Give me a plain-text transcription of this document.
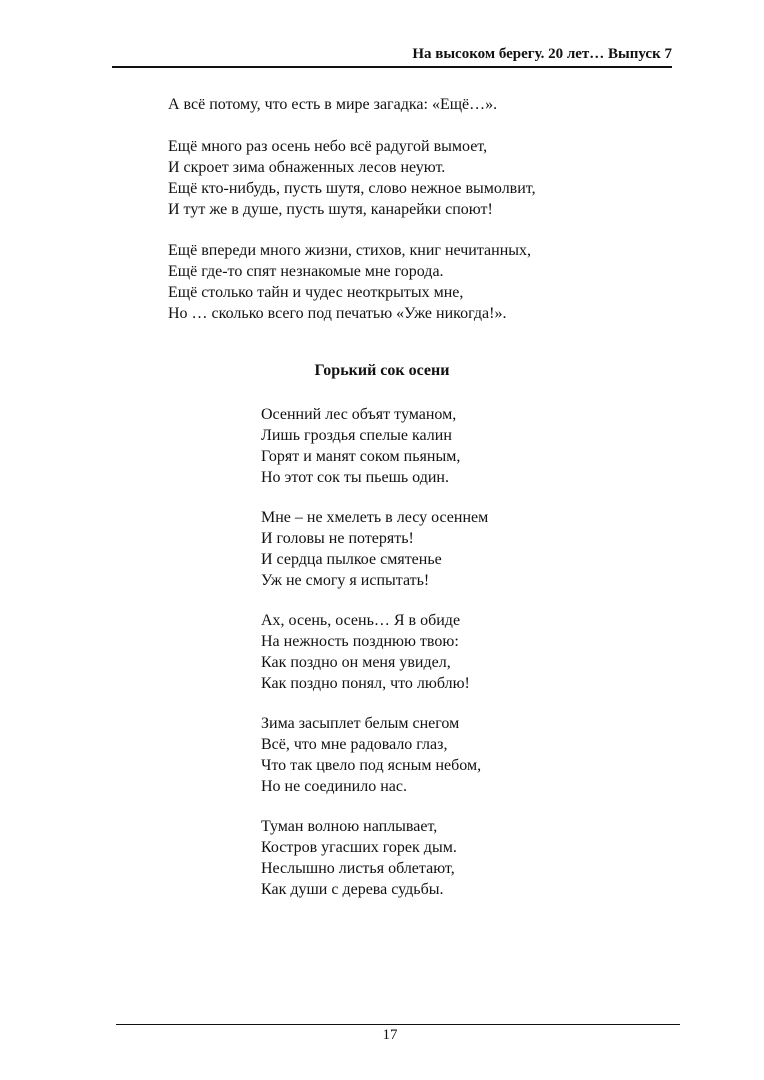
На высоком берегу. 20 лет… Выпуск 7
А всё потому, что есть в мире загадка: «Ещё…».
Ещё много раз осень небо всё радугой вымоет,
И скроет зима обнаженных лесов неуют.
Ещё кто-нибудь, пусть шутя, слово нежное вымолвит,
И тут же в душе, пусть шутя, канарейки споют!
Ещё впереди много жизни, стихов, книг нечитанных,
Ещё где-то спят незнакомые мне города.
Ещё столько тайн и чудес неоткрытых мне,
Но … сколько всего под печатью «Уже никогда!».
Горький сок осени
Осенний лес объят туманом,
Лишь гроздья спелые калин
Горят и манят соком пьяным,
Но этот сок ты пьешь один.
Мне – не хмелеть в лесу осеннем
И головы не потерять!
И сердца пылкое смятенье
Уж не смогу я испытать!
Ах, осень, осень… Я в обиде
На нежность позднюю твою:
Как поздно он меня увидел,
Как поздно понял, что люблю!
Зима засыплет белым снегом
Всё, что мне радовало глаз,
Что так цвело под ясным небом,
Но не соединило нас.
Туман волною наплывает,
Костров угасших горек дым.
Неслышно листья облетают,
Как души с дерева судьбы.
17
